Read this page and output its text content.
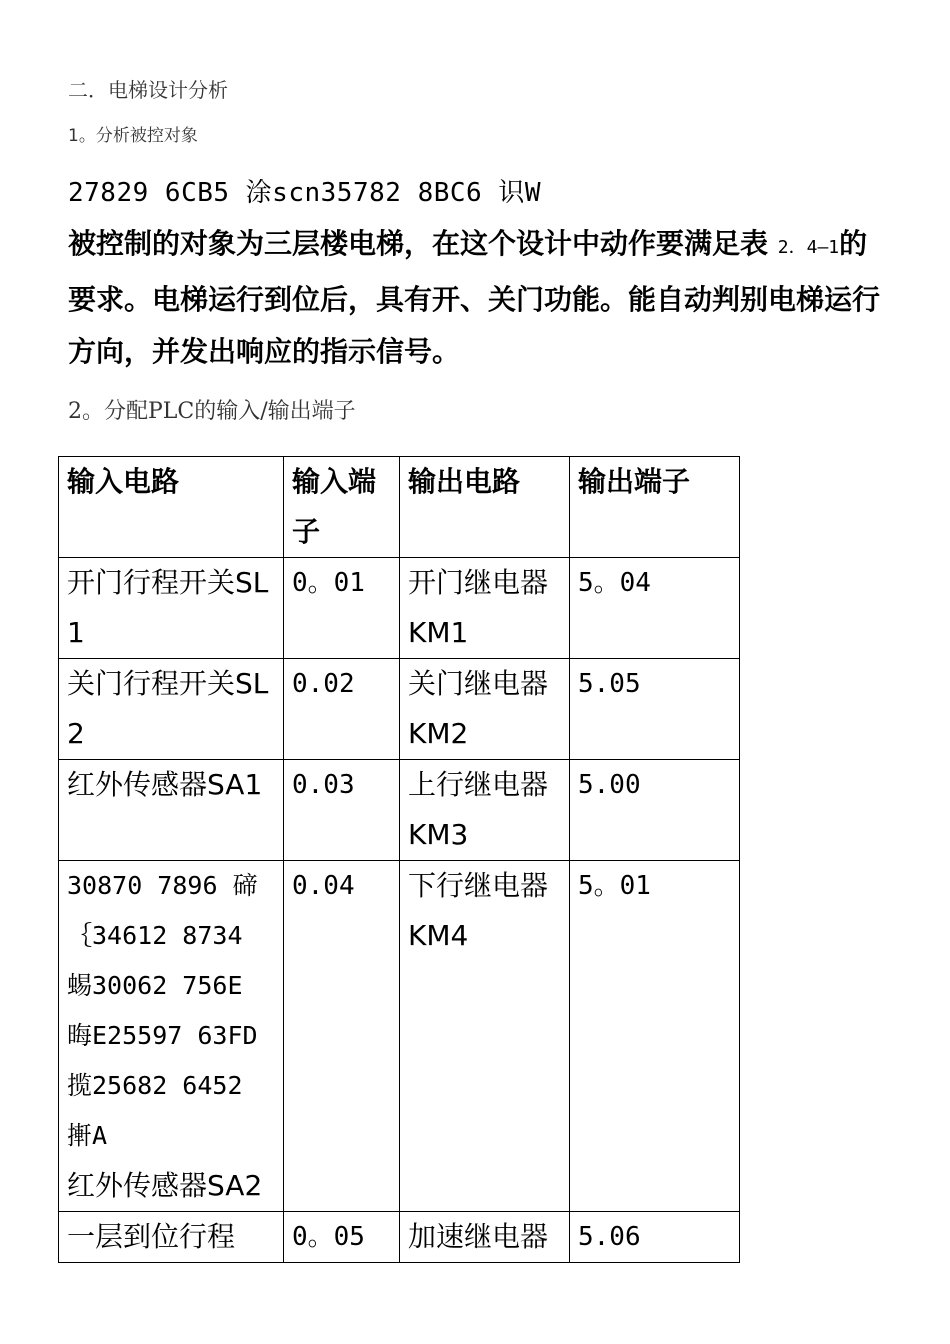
二．电梯设计分析
1。分析被控对象
27829 6CB5 涂scn35782 8BC6 识W
被控制的对象为三层楼电梯，在这个设计中动作要满足表 2．4—1的要求。电梯运行到位后，具有开、关门功能。能自动判别电梯运行方向，并发出响应的指示信号。
2。分配PLC的输入/输出端子
输入电路	输入端子	输出电路	输出端子
开门行程开关SL1	0。01	开门继电器KM1	5。04
关门行程开关SL2	0.02	关门继电器KM2	5.05
红外传感器SA1	0.03	上行继电器KM3	5.00

30870 7896 碲｛34612 8734 蜴30062 756E 晦E25597 63FD 揽25682 6452 搟A
红外传感器SA2	0.04	下行继电器KM4	5。01
一层到位行程	0。05	加速继电器	5.06
